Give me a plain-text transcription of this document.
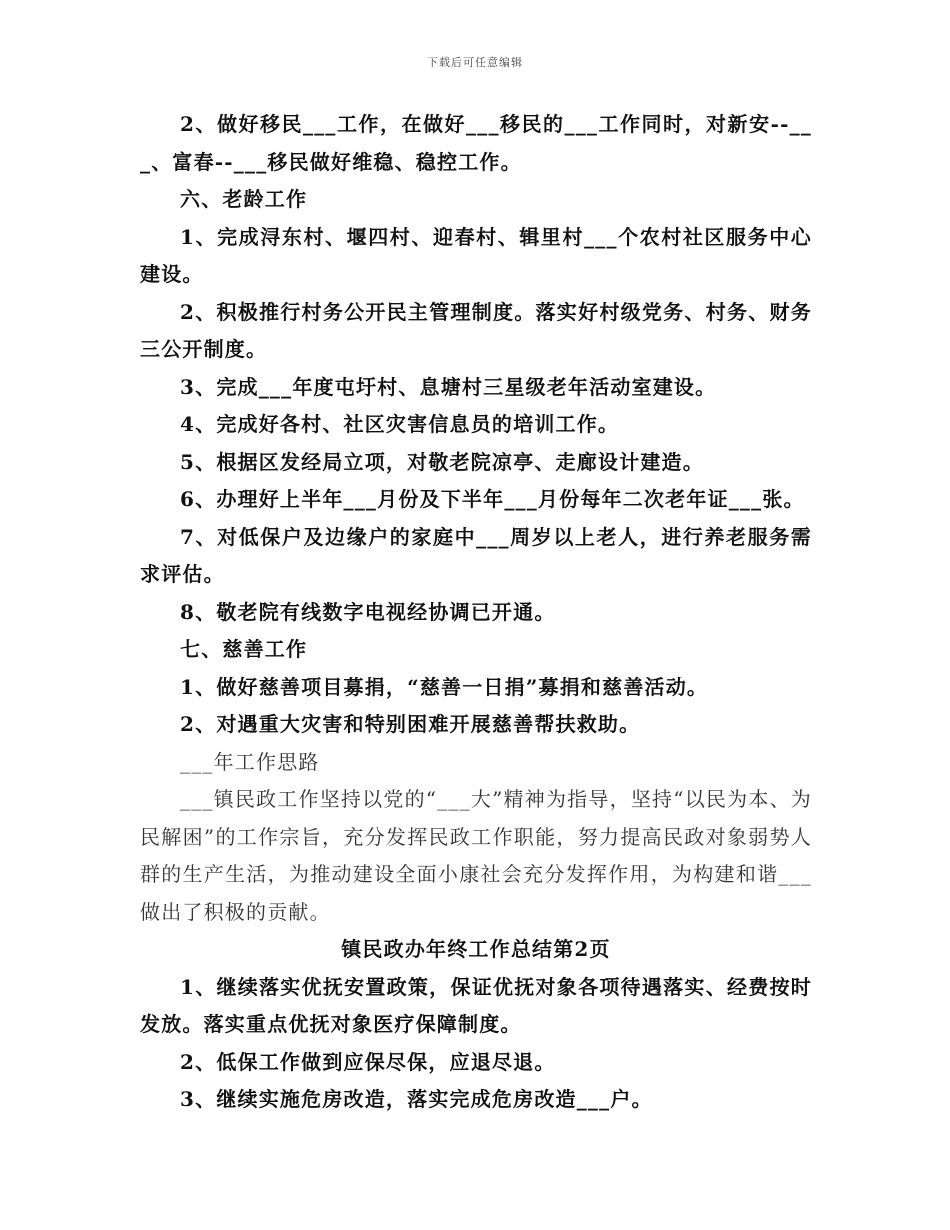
下载后可任意编辑

2、做好移民___工作，在做好___移民的___工作同时，对新安--___、富春--___移民做好维稳、稳控工作。

六、老龄工作

1、完成浔东村、堰四村、迎春村、辑里村___个农村社区服务中心建设。

2、积极推行村务公开民主管理制度。落实好村级党务、村务、财务三公开制度。

3、完成___年度屯圩村、息塘村三星级老年活动室建设。

4、完成好各村、社区灾害信息员的培训工作。

5、根据区发经局立项，对敬老院凉亭、走廊设计建造。

6、办理好上半年___月份及下半年___月份每年二次老年证___张。

7、对低保户及边缘户的家庭中___周岁以上老人，进行养老服务需求评估。

8、敬老院有线数字电视经协调已开通。

七、慈善工作

1、做好慈善项目募捐，“慈善一日捐”募捐和慈善活动。

2、对遇重大灾害和特别困难开展慈善帮扶救助。

___年工作思路

___镇民政工作坚持以党的“___大”精神为指导，坚持“以民为本、为民解困”的工作宗旨，充分发挥民政工作职能，努力提高民政对象弱势人群的生产生活，为推动建设全面小康社会充分发挥作用，为构建和谐___做出了积极的贡献。

镇民政办年终工作总结第2页

1、继续落实优抚安置政策，保证优抚对象各项待遇落实、经费按时发放。落实重点优抚对象医疗保障制度。

2、低保工作做到应保尽保，应退尽退。

3、继续实施危房改造，落实完成危房改造___户。
